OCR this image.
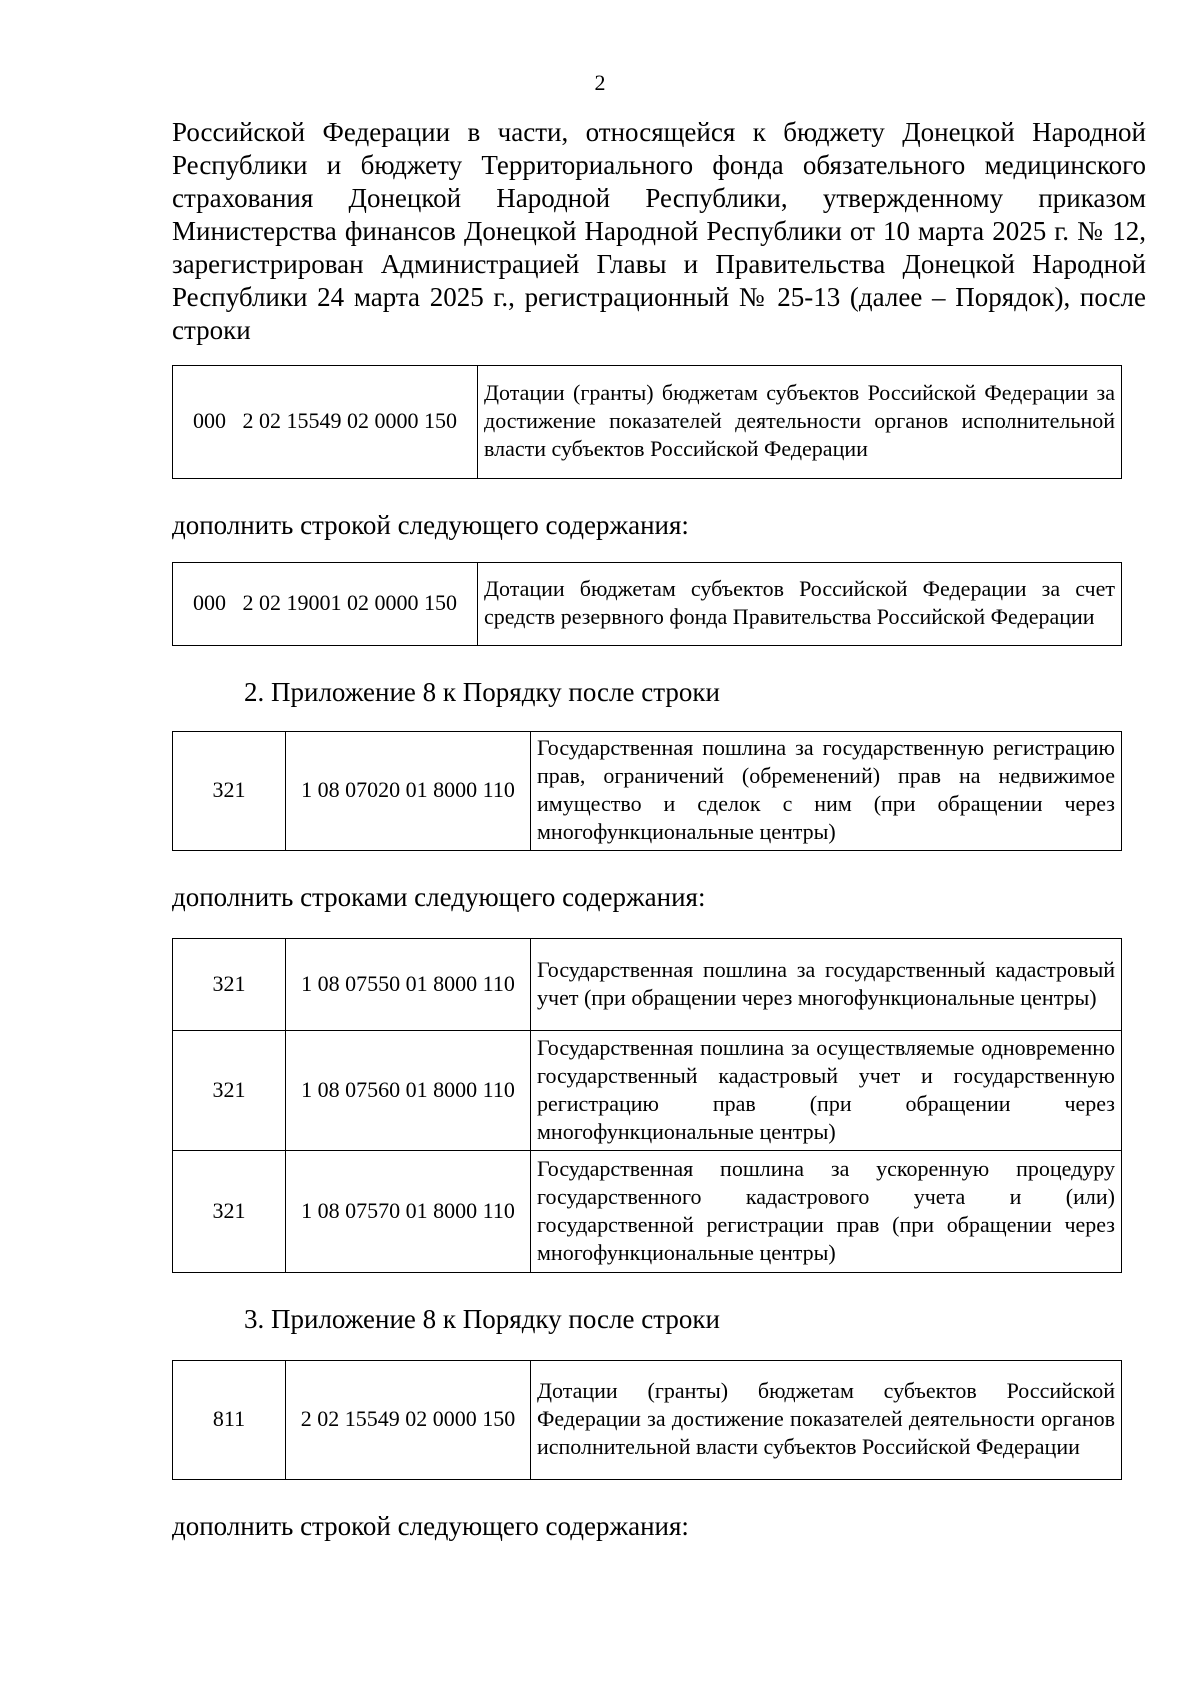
2

Российской Федерации в части, относящейся к бюджету Донецкой Народной Республики и бюджету Территориального фонда обязательного медицинского страхования Донецкой Народной Республики, утвержденному приказом Министерства финансов Донецкой Народной Республики от 10 марта 2025 г. № 12, зарегистрирован Администрацией Главы и Правительства Донецкой Народной Республики 24 марта 2025 г., регистрационный № 25-13 (далее – Порядок), после строки

000   2 02 15549 02 0000 150	Дотации (гранты) бюджетам субъектов Российской Федерации за достижение показателей деятельности органов исполнительной власти субъектов Российской Федерации

дополнить строкой следующего содержания:

000   2 02 19001 02 0000 150	Дотации бюджетам субъектов Российской Федерации за счет средств резервного фонда Правительства Российской Федерации

2. Приложение 8 к Порядку после строки

321	1 08 07020 01 8000 110	Государственная пошлина за государственную регистрацию прав, ограничений (обременений) прав на недвижимое имущество и сделок с ним (при обращении через многофункциональные центры)

дополнить строками следующего содержания:

321	1 08 07550 01 8000 110	Государственная пошлина за государственный кадастровый учет (при обращении через многофункциональные центры)
321	1 08 07560 01 8000 110	Государственная пошлина за осуществляемые одновременно государственный кадастровый учет и государственную регистрацию прав (при обращении через многофункциональные центры)
321	1 08 07570 01 8000 110	Государственная пошлина за ускоренную процедуру государственного кадастрового учета и (или) государственной регистрации прав (при обращении через многофункциональные центры)

3. Приложение 8 к Порядку после строки

811	2 02 15549 02 0000 150	Дотации (гранты) бюджетам субъектов Российской Федерации за достижение показателей деятельности органов исполнительной власти субъектов Российской Федерации

дополнить строкой следующего содержания:
